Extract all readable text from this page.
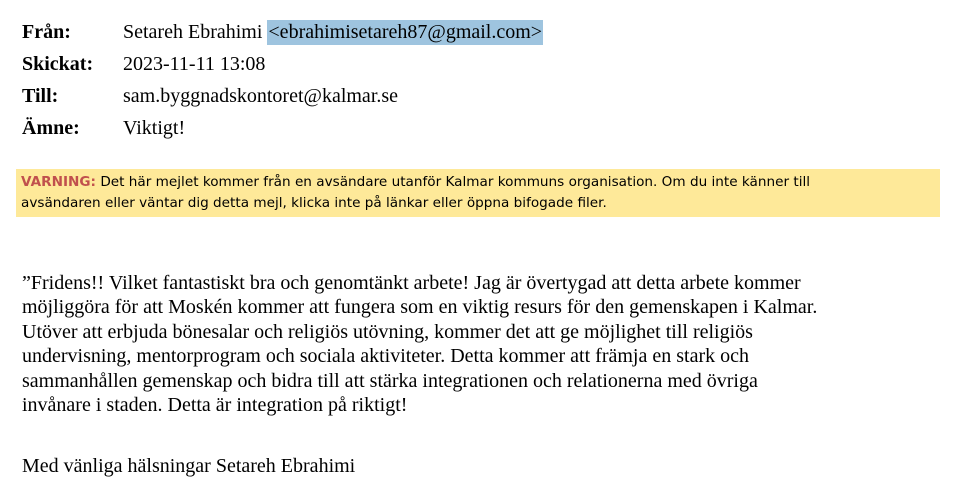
Från:	Setareh Ebrahimi <ebrahimisetareh87@gmail.com>
Skickat:	2023-11-11 13:08
Till:	sam.byggnadskontoret@kalmar.se
Ämne:	Viktigt!
VARNING: Det här mejlet kommer från en avsändare utanför Kalmar kommuns organisation. Om du inte känner till
avsändaren eller väntar dig detta mejl, klicka inte på länkar eller öppna bifogade filer.
”Fridens!! Vilket fantastiskt bra och genomtänkt arbete! Jag är övertygad att detta arbete kommer
möjliggöra för att Moskén kommer att fungera som en viktig resurs för den gemenskapen i Kalmar.
Utöver att erbjuda bönesalar och religiös utövning, kommer det att ge möjlighet till religiös
undervisning, mentorprogram och sociala aktiviteter. Detta kommer att främja en stark och
sammanhållen gemenskap och bidra till att stärka integrationen och relationerna med övriga
invånare i staden. Detta är integration på riktigt!
Med vänliga hälsningar Setareh Ebrahimi
